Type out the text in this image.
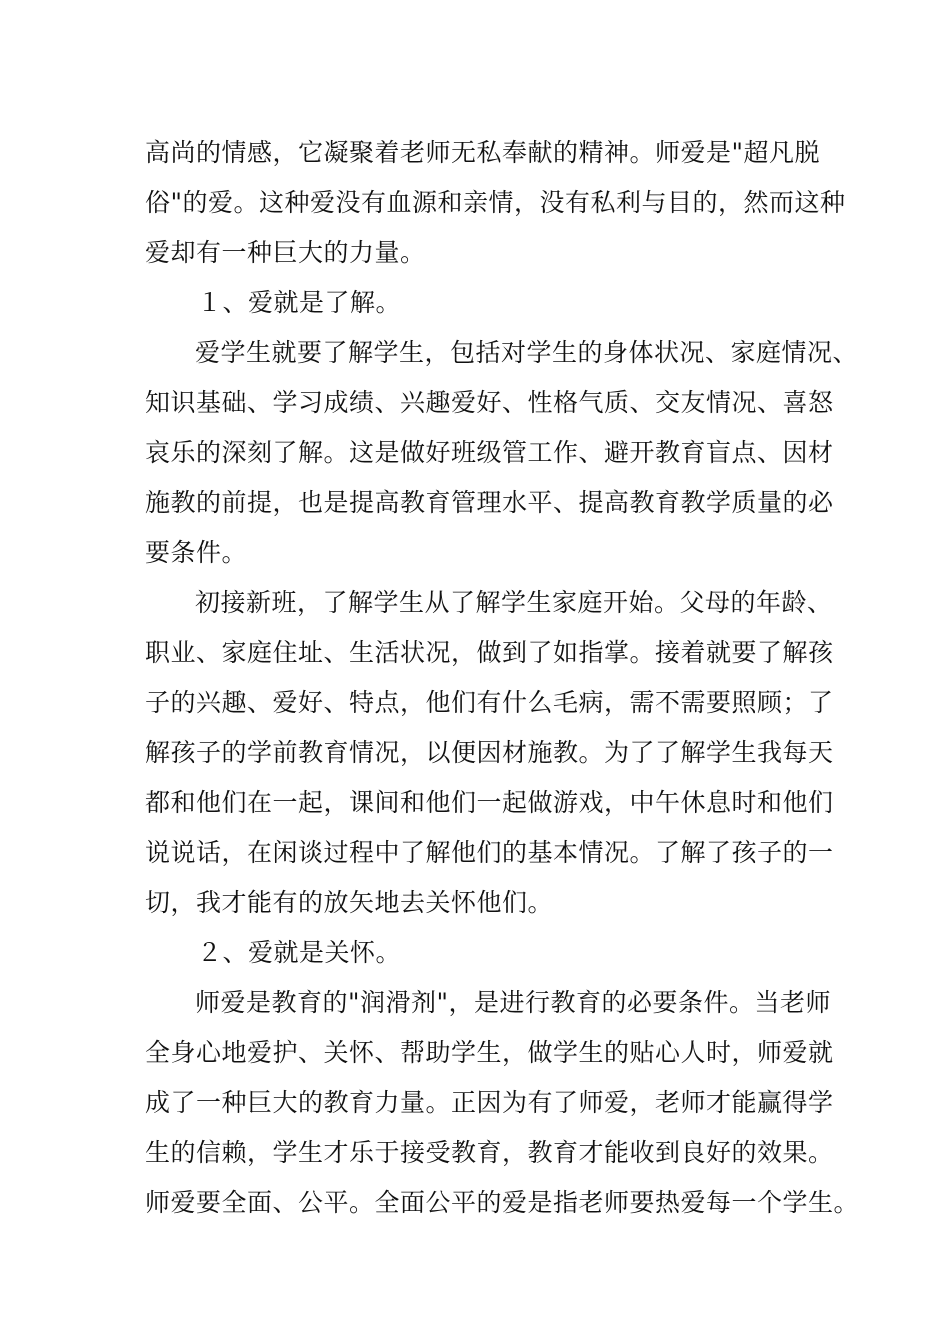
高尚的情感，它凝聚着老师无私奉献的精神。师爱是"超凡脱
俗"的爱。这种爱没有血源和亲情，没有私利与目的，然而这种
爱却有一种巨大的力量。
１、爱就是了解。
爱学生就要了解学生，包括对学生的身体状况、家庭情况、
知识基础、学习成绩、兴趣爱好、性格气质、交友情况、喜怒
哀乐的深刻了解。这是做好班级管工作、避开教育盲点、因材
施教的前提，也是提高教育管理水平、提高教育教学质量的必
要条件。
初接新班，了解学生从了解学生家庭开始。父母的年龄、
职业、家庭住址、生活状况，做到了如指掌。接着就要了解孩
子的兴趣、爱好、特点，他们有什么毛病，需不需要照顾；了
解孩子的学前教育情况，以便因材施教。为了了解学生我每天
都和他们在一起，课间和他们一起做游戏，中午休息时和他们
说说话，在闲谈过程中了解他们的基本情况。了解了孩子的一
切，我才能有的放矢地去关怀他们。
２、爱就是关怀。
师爱是教育的"润滑剂"，是进行教育的必要条件。当老师
全身心地爱护、关怀、帮助学生，做学生的贴心人时，师爱就
成了一种巨大的教育力量。正因为有了师爱，老师才能赢得学
生的信赖，学生才乐于接受教育，教育才能收到良好的效果。
师爱要全面、公平。全面公平的爱是指老师要热爱每一个学生。
